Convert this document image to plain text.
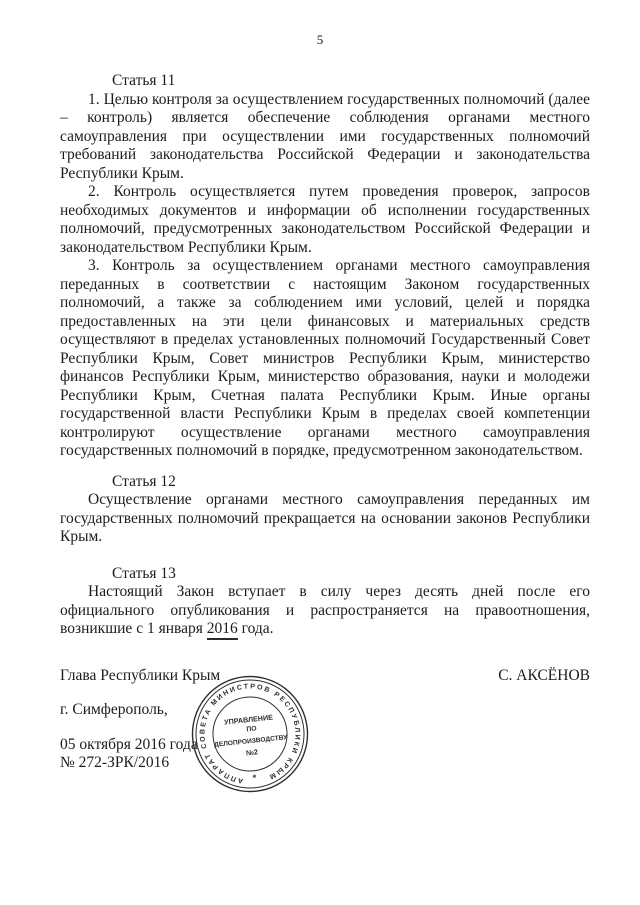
5
Статья 11

1. Целью контроля за осуществлением государственных полномочий (далее – контроль) является обеспечение соблюдения органами местного самоуправления при осуществлении ими государственных полномочий требований законодательства Российской Федерации и законодательства Республики Крым.

2. Контроль осуществляется путем проведения проверок, запросов необходимых документов и информации об исполнении государственных полномочий, предусмотренных законодательством Российской Федерации и законодательством Республики Крым.

3. Контроль за осуществлением органами местного самоуправления переданных в соответствии с настоящим Законом государственных полномочий, а также за соблюдением ими условий, целей и порядка предоставленных на эти цели финансовых и материальных средств осуществляют в пределах установленных полномочий Государственный Совет Республики Крым, Совет министров Республики Крым, министерство финансов Республики Крым, министерство образования, науки и молодежи Республики Крым, Счетная палата Республики Крым. Иные органы государственной власти Республики Крым в пределах своей компетенции контролируют осуществление органами местного самоуправления государственных полномочий в порядке, предусмотренном законодательством.

Статья 12

Осуществление органами местного самоуправления переданных им государственных полномочий прекращается на основании законов Республики Крым.

Статья 13

Настоящий Закон вступает в силу через десять дней после его официального опубликования и распространяется на правоотношения, возникшие с 1 января 2016 года.

Глава Республики Крым	С. АКСЁНОВ
г. Симферополь,
05 октября 2016 года
№ 272-ЗРК/2016
АППАРАТ СОВЕТА МИНИСТРОВ РЕСПУБЛИКИ КРЫМ
*
УПРАВЛЕНИЕ
ПО
ДЕЛОПРОИЗВОДСТВУ
№2
